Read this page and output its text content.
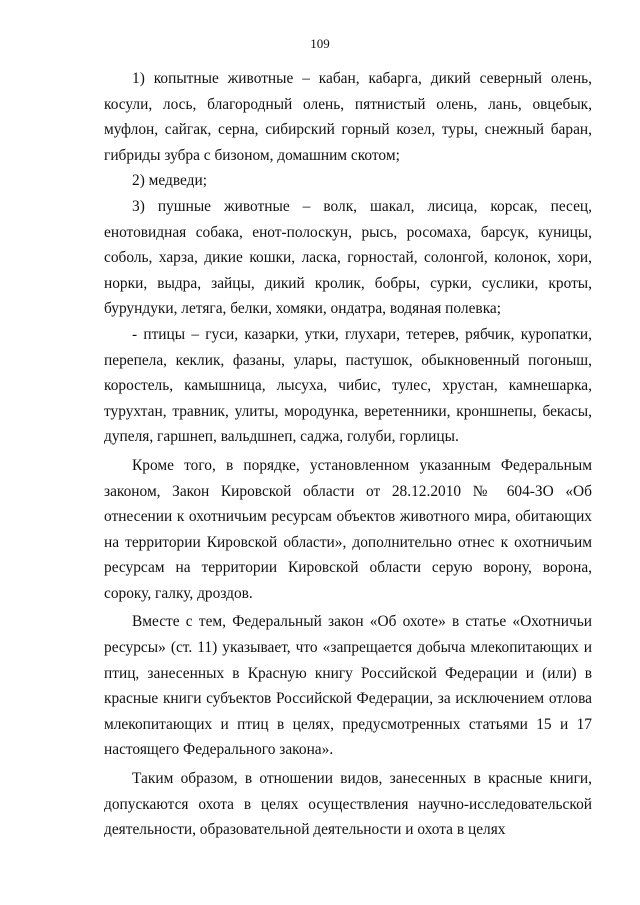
109

1) копытные животные – кабан, кабарга, дикий северный олень, косули, лось, благородный олень, пятнистый олень, лань, овцебык, муфлон, сайгак, серна, сибирский горный козел, туры, снежный баран, гибриды зубра с бизоном, домашним скотом;

2) медведи;

3) пушные животные – волк, шакал, лисица, корсак, песец, енотовидная собака, енот-полоскун, рысь, росомаха, барсук, куницы, соболь, харза, дикие кошки, ласка, горностай, солонгой, колонок, хори, норки, выдра, зайцы, дикий кролик, бобры, сурки, суслики, кроты, бурундуки, летяга, белки, хомяки, ондатра, водяная полевка;

- птицы – гуси, казарки, утки, глухари, тетерев, рябчик, куропатки, перепела, кеклик, фазаны, улары, пастушок, обыкновенный погоныш, коростель, камышница, лысуха, чибис, тулес, хрустан, камнешарка, турухтан, травник, улиты, мородунка, веретенники, кроншнепы, бекасы, дупеля, гаршнеп, вальдшнеп, саджа, голуби, горлицы.

Кроме того, в порядке, установленном указанным Федеральным законом, Закон Кировской области от 28.12.2010 № 604-ЗО «Об отнесении к охотничьим ресурсам объектов животного мира, обитающих на территории Кировской области», дополнительно отнес к охотничьим ресурсам на территории Кировской области серую ворону, ворона, сороку, галку, дроздов.

Вместе с тем, Федеральный закон «Об охоте» в статье «Охотничьи ресурсы» (ст. 11) указывает, что «запрещается добыча млекопитающих и птиц, занесенных в Красную книгу Российской Федерации и (или) в красные книги субъектов Российской Федерации, за исключением отлова млекопитающих и птиц в целях, предусмотренных статьями 15 и 17 настоящего Федерального закона».

Таким образом, в отношении видов, занесенных в красные книги, допускаются охота в целях осуществления научно-исследовательской деятельности, образовательной деятельности и охота в целях
